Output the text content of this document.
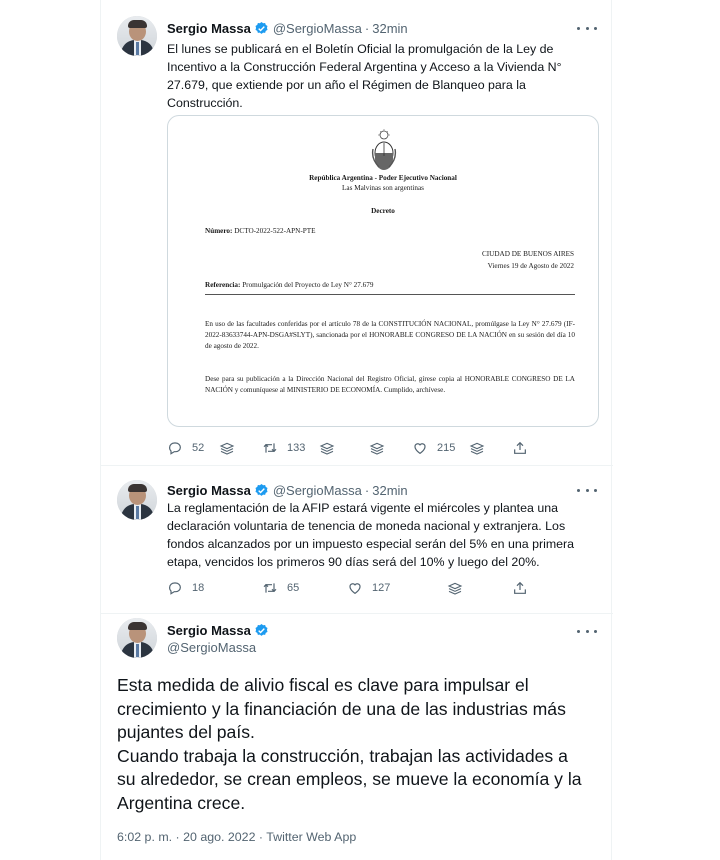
Sergio Massa @SergioMassa · 32min
El lunes se publicará en el Boletín Oficial la promulgación de la Ley de Incentivo a la Construcción Federal Argentina y Acceso a la Vivienda N° 27.679, que extiende por un año el Régimen de Blanqueo para la Construcción.
República Argentina - Poder Ejecutivo Nacional
Las Malvinas son argentinas
Decreto
Número: DCTO-2022-522-APN-PTE
CIUDAD DE BUENOS AIRES
Viernes 19 de Agosto de 2022
Referencia: Promulgación del Proyecto de Ley N° 27.679
En uso de las facultades conferidas por el artículo 78 de la CONSTITUCIÓN NACIONAL, promúlgase la Ley N° 27.679 (IF-2022-83633744-APN-DSGA#SLYT), sancionada por el HONORABLE CONGRESO DE LA NACIÓN en su sesión del día 10 de agosto de 2022.
Dese para su publicación a la Dirección Nacional del Registro Oficial, gírese copia al HONORABLE CONGRESO DE LA NACIÓN y comuníquese al MINISTERIO DE ECONOMÍA. Cumplido, archívese.
52	133	215
Sergio Massa @SergioMassa · 32min
La reglamentación de la AFIP estará vigente el miércoles y plantea una declaración voluntaria de tenencia de moneda nacional y extranjera. Los fondos alcanzados por un impuesto especial serán del 5% en una primera etapa, vencidos los primeros 90 días será del 10% y luego del 20%.
18	65	127
Sergio Massa
@SergioMassa
Esta medida de alivio fiscal es clave para impulsar el crecimiento y la financiación de una de las industrias más pujantes del país.
Cuando trabaja la construcción, trabajan las actividades a su alrededor, se crean empleos, se mueve la economía y la Argentina crece.
6:02 p. m. · 20 ago. 2022 · Twitter Web App
